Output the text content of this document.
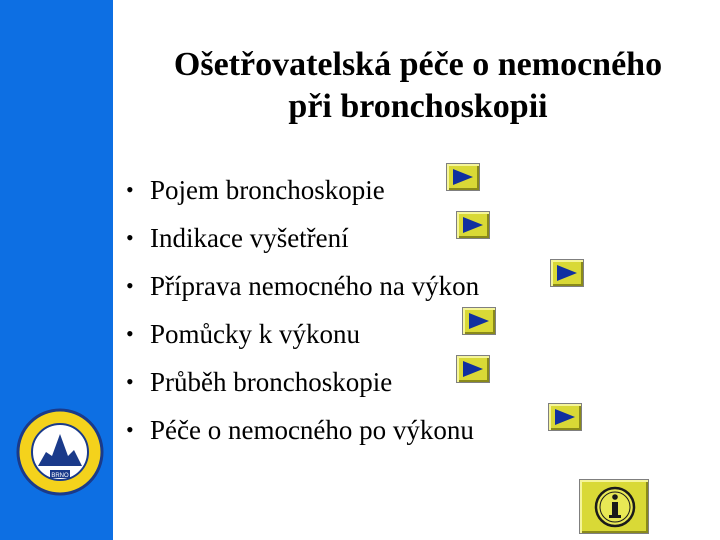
BRNO
Ošetřovatelská péče o nemocného
při bronchoskopii
• Pojem bronchoskopie
• Indikace vyšetření
• Příprava nemocného na výkon
• Pomůcky k výkonu
• Průběh bronchoskopie
• Péče o nemocného po výkonu
